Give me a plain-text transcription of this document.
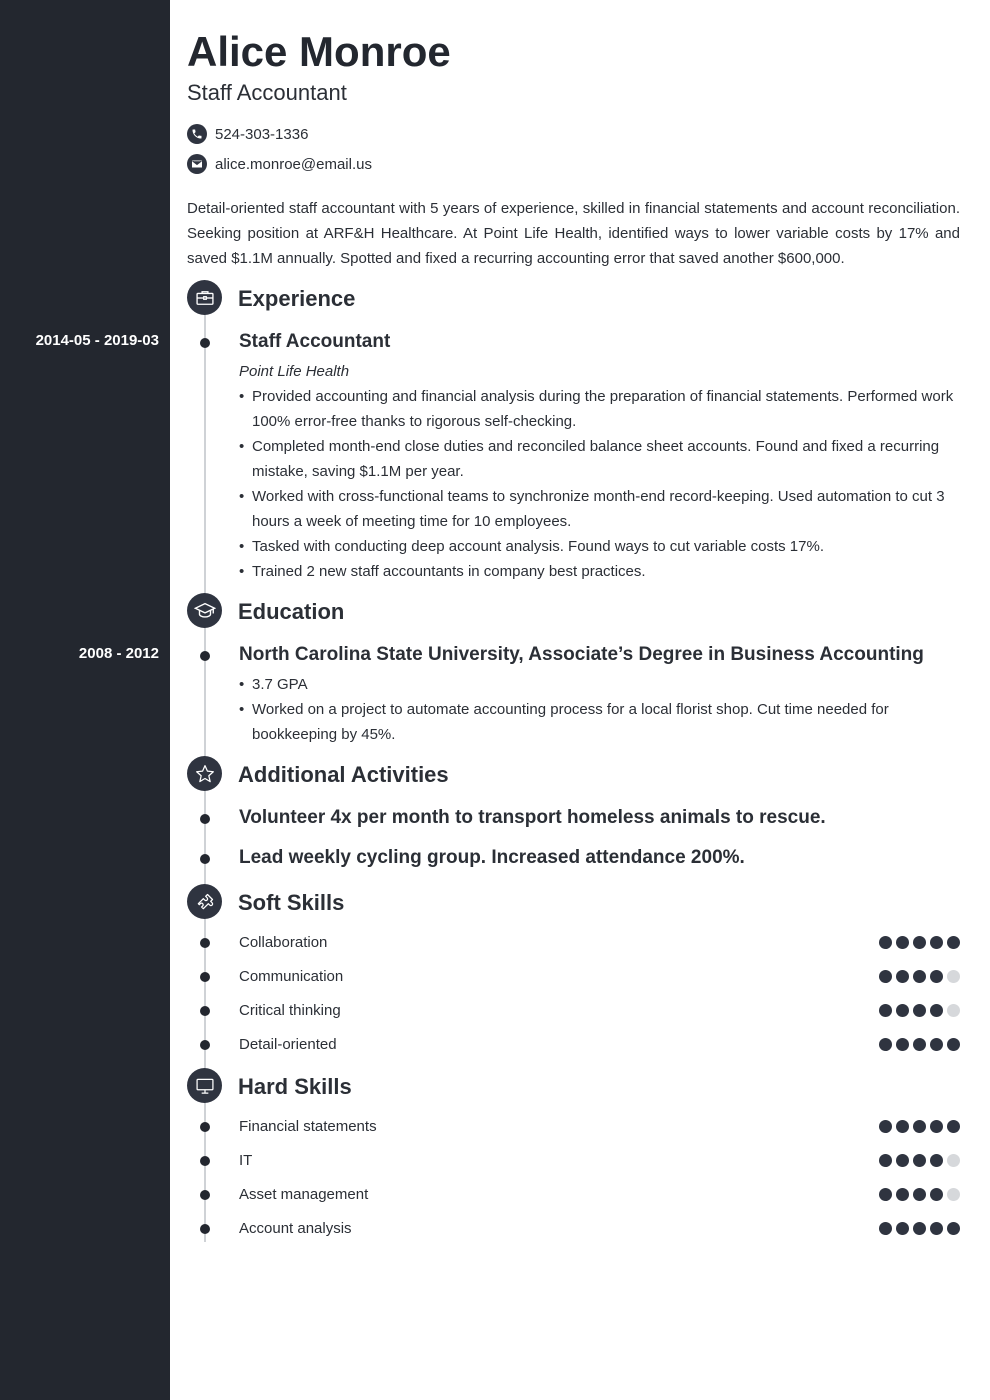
2014-05 - 2019-03
2008 - 2012
Alice Monroe
Staff Accountant
524-303-1336
alice.monroe@email.us

Detail-oriented staff accountant with 5 years of experience, skilled in financial statements and account reconciliation. Seeking position at ARF&H Healthcare. At Point Life Health, identified ways to lower variable costs by 17% and saved $1.1M annually. Spotted and fixed a recurring accounting error that saved another $600,000.

Experience
Staff Accountant
Point Life Health
• Provided accounting and financial analysis during the preparation of financial statements. Performed work 100% error-free thanks to rigorous self-checking.
• Completed month-end close duties and reconciled balance sheet accounts. Found and fixed a recurring mistake, saving $1.1M per year.
• Worked with cross-functional teams to synchronize month-end record-keeping. Used automation to cut 3 hours a week of meeting time for 10 employees.
• Tasked with conducting deep account analysis. Found ways to cut variable costs 17%.
• Trained 2 new staff accountants in company best practices.
Education
North Carolina State University, Associate’s Degree in Business Accounting
• 3.7 GPA
• Worked on a project to automate accounting process for a local florist shop. Cut time needed for bookkeeping by 45%.
Additional Activities
Volunteer 4x per month to transport homeless animals to rescue.
Lead weekly cycling group. Increased attendance 200%.
Soft Skills
Collaboration
Communication
Critical thinking
Detail-oriented
Hard Skills
Financial statements
IT
Asset management
Account analysis
